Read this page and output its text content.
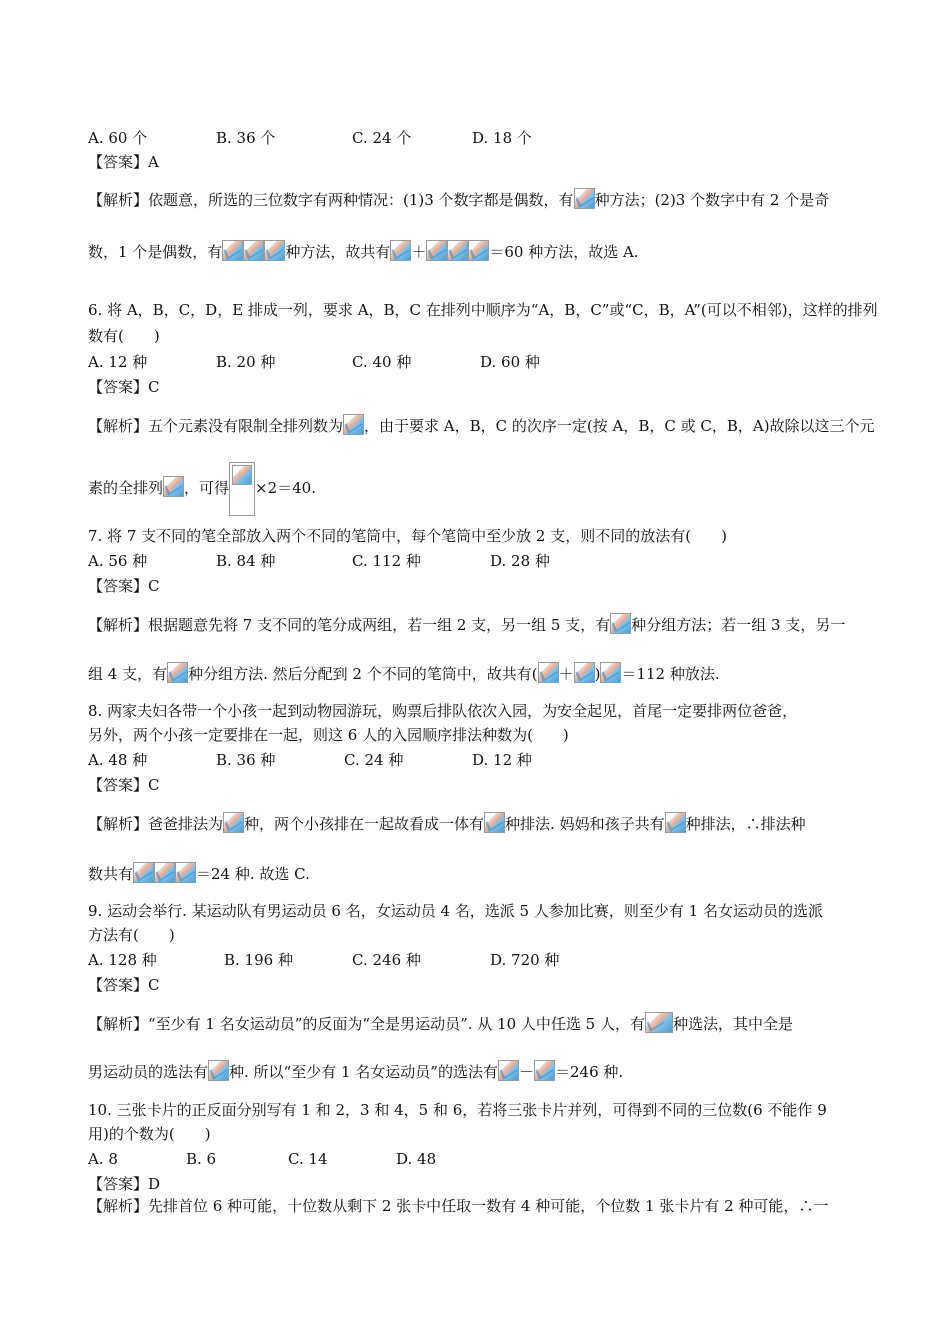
A. 60 个	B. 36 个	C. 24 个	D. 18 个
【答案】A
【解析】依题意，所选的三位数字有两种情况：(1)3 个数字都是偶数，有 种方法；(2)3 个数字中有 2 个是奇
数，1 个是偶数，有	种方法，故共有 ＋	＝60 种方法，故选 A.
6. 将 A，B，C，D，E 排成一列，要求 A，B，C 在排列中顺序为“A，B，C”或“C，B，A”(可以不相邻)，这样的排列
数有(　　)
A. 12 种	B. 20 种	C. 40 种	D. 60 种
【答案】C
【解析】五个元素没有限制全排列数为 ，由于要求 A，B，C 的次序一定(按 A，B，C 或 C，B，A)故除以这三个元
素的全排列 ，可得 ×2＝40.
7. 将 7 支不同的笔全部放入两个不同的笔筒中，每个笔筒中至少放 2 支，则不同的放法有(　　)
A. 56 种	B. 84 种	C. 112 种	D. 28 种
【答案】C
【解析】根据题意先将 7 支不同的笔分成两组，若一组 2 支，另一组 5 支，有 种分组方法；若一组 3 支，另一
组 4 支，有 种分组方法. 然后分配到 2 个不同的笔筒中，故共有( ＋ ) ＝112 种放法.
8. 两家夫妇各带一个小孩一起到动物园游玩，购票后排队依次入园，为安全起见，首尾一定要排两位爸爸，
另外，两个小孩一定要排在一起，则这 6 人的入园顺序排法种数为(　　)
A. 48 种	B. 36 种	C. 24 种	D. 12 种
【答案】C
【解析】爸爸排法为 种，两个小孩排在一起故看成一体有 种排法. 妈妈和孩子共有 种排法，∴排法种
数共有	＝24 种. 故选 C.
9. 运动会举行. 某运动队有男运动员 6 名，女运动员 4 名，选派 5 人参加比赛，则至少有 1 名女运动员的选派
方法有(　　)
A. 128 种	B. 196 种	C. 246 种	D. 720 种
【答案】C
【解析】“至少有 1 名女运动员”的反面为“全是男运动员”. 从 10 人中任选 5 人，有 种选法，其中全是
男运动员的选法有 种. 所以“至少有 1 名女运动员”的选法有 － ＝246 种.
10. 三张卡片的正反面分别写有 1 和 2，3 和 4，5 和 6，若将三张卡片并列，可得到不同的三位数(6 不能作 9
用)的个数为(　　)
A. 8	B. 6	C. 14	D. 48
【答案】D
【解析】先排首位 6 种可能，十位数从剩下 2 张卡中任取一数有 4 种可能，个位数 1 张卡片有 2 种可能，∴一
